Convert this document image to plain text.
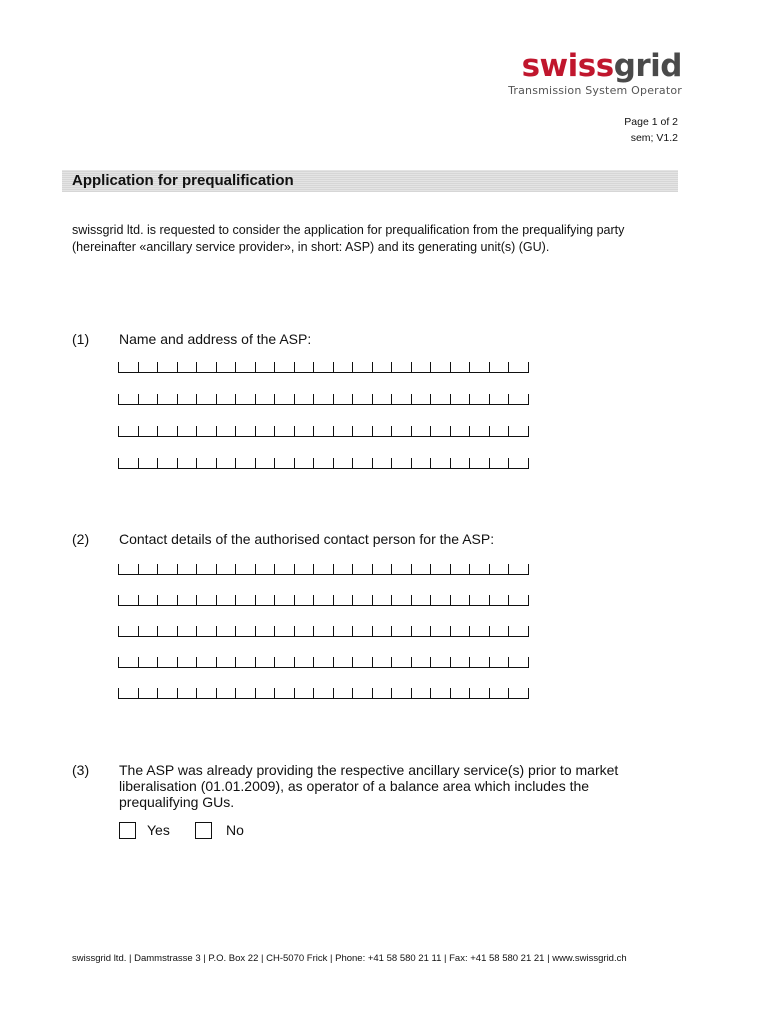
swissgrid
Transmission System Operator
Page 1 of 2
sem; V1.2
Application for prequalification
swissgrid ltd. is requested to consider the application for prequalification from the prequalifying party (hereinafter «ancillary service provider», in short: ASP) and its generating unit(s) (GU).
(1) Name and address of the ASP:
(2) Contact details of the authorised contact person for the ASP:
(3) The ASP was already providing the respective ancillary service(s) prior to market liberalisation (01.01.2009), as operator of a balance area which includes the prequalifying GUs.
Yes	No
swissgrid ltd. | Dammstrasse 3 | P.O. Box 22 | CH-5070 Frick | Phone: +41 58 580 21 11 | Fax: +41 58 580 21 21 | www.swissgrid.ch
